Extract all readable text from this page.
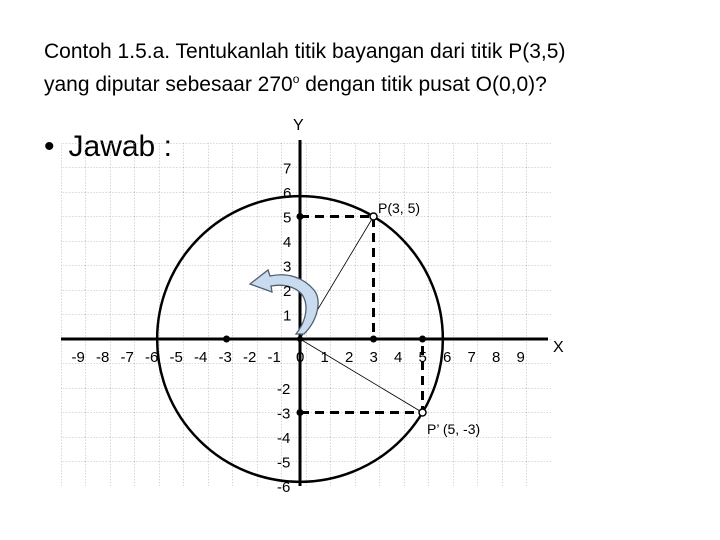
Contoh 1.5.a. Tentukanlah titik bayangan dari titik P(3,5)
yang diputar sebesaar 270$^o$ dengan titik pusat O(0,0)?
•
X
Y
P(3, 5)
P’ (5, -3)
-9 -8 -7 -6 -5 -4 -3 -2 -1 0 1 2 3 4 5 6 7 8 9
7
6
5
4
3
2
1
-2
-3
-4
-5
-6
